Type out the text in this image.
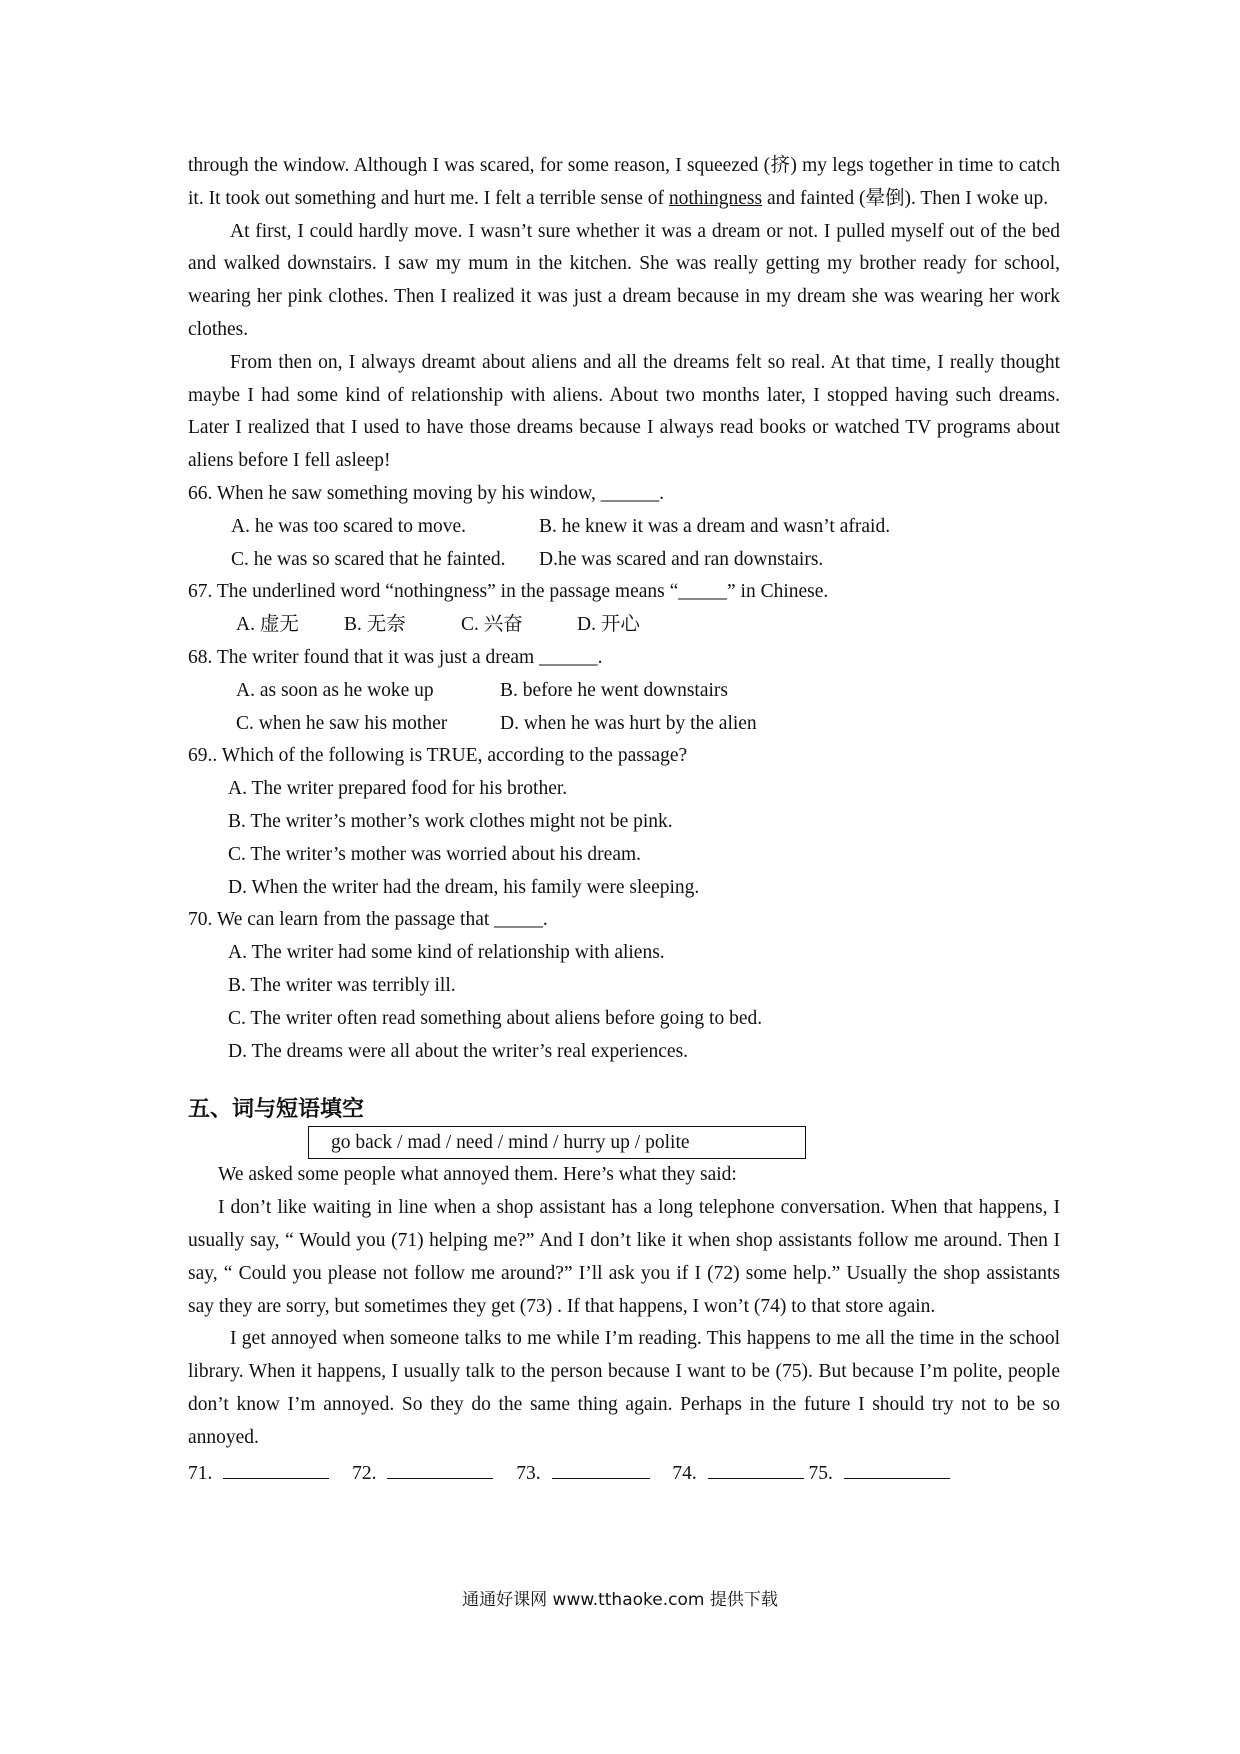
through the window. Although I was scared, for some reason, I squeezed (挤) my legs together in time to catch it. It took out something and hurt me. I felt a terrible sense of nothingness and fainted (晕倒). Then I woke up.

At first, I could hardly move. I wasn’t sure whether it was a dream or not. I pulled myself out of the bed and walked downstairs. I saw my mum in the kitchen. She was really getting my brother ready for school, wearing her pink clothes. Then I realized it was just a dream because in my dream she was wearing her work clothes.

From then on, I always dreamt about aliens and all the dreams felt so real. At that time, I really thought maybe I had some kind of relationship with aliens. About two months later, I stopped having such dreams. Later I realized that I used to have those dreams because I always read books or watched TV programs about aliens before I fell asleep!

66. When he saw something moving by his window, ______.
A. he was too scared to move.	B. he knew it was a dream and wasn’t afraid.
C. he was so scared that he fainted.	D.he was scared and ran downstairs.
67. The underlined word “nothingness” in the passage means “_____” in Chinese.
A. 虚无	B. 无奈	C. 兴奋	D. 开心
68. The writer found that it was just a dream ______.
A. as soon as he woke up	B. before he went downstairs
C. when he saw his mother	D. when he was hurt by the alien
69.. Which of the following is TRUE, according to the passage?
A. The writer prepared food for his brother.
B. The writer’s mother’s work clothes might not be pink.
C. The writer’s mother was worried about his dream.
D. When the writer had the dream, his family were sleeping.
70. We can learn from the passage that _____.
A. The writer had some kind of relationship with aliens.
B. The writer was terribly ill.
C. The writer often read something about aliens before going to bed.
D. The dreams were all about the writer’s real experiences.
五、词与短语填空
go back / mad / need / mind / hurry up / polite
We asked some people what annoyed them. Here’s what they said:

I don’t like waiting in line when a shop assistant has a long telephone conversation. When that happens, I usually say, “ Would you (71) helping me?” And I don’t like it when shop assistants follow me around. Then I say, “ Could you please not follow me around?” I’ll ask you if I (72) some help.” Usually the shop assistants say they are sorry, but sometimes they get (73) . If that happens, I won’t (74) to that store again.

I get annoyed when someone talks to me while I’m reading. This happens to me all the time in the school library. When it happens, I usually talk to the person because I want to be (75). But because I’m polite, people don’t know I’m annoyed. So they do the same thing again. Perhaps in the future I should try not to be so annoyed.

71.	72.	73.	74.	75.
通通好课网 www.tthaoke.com 提供下载
